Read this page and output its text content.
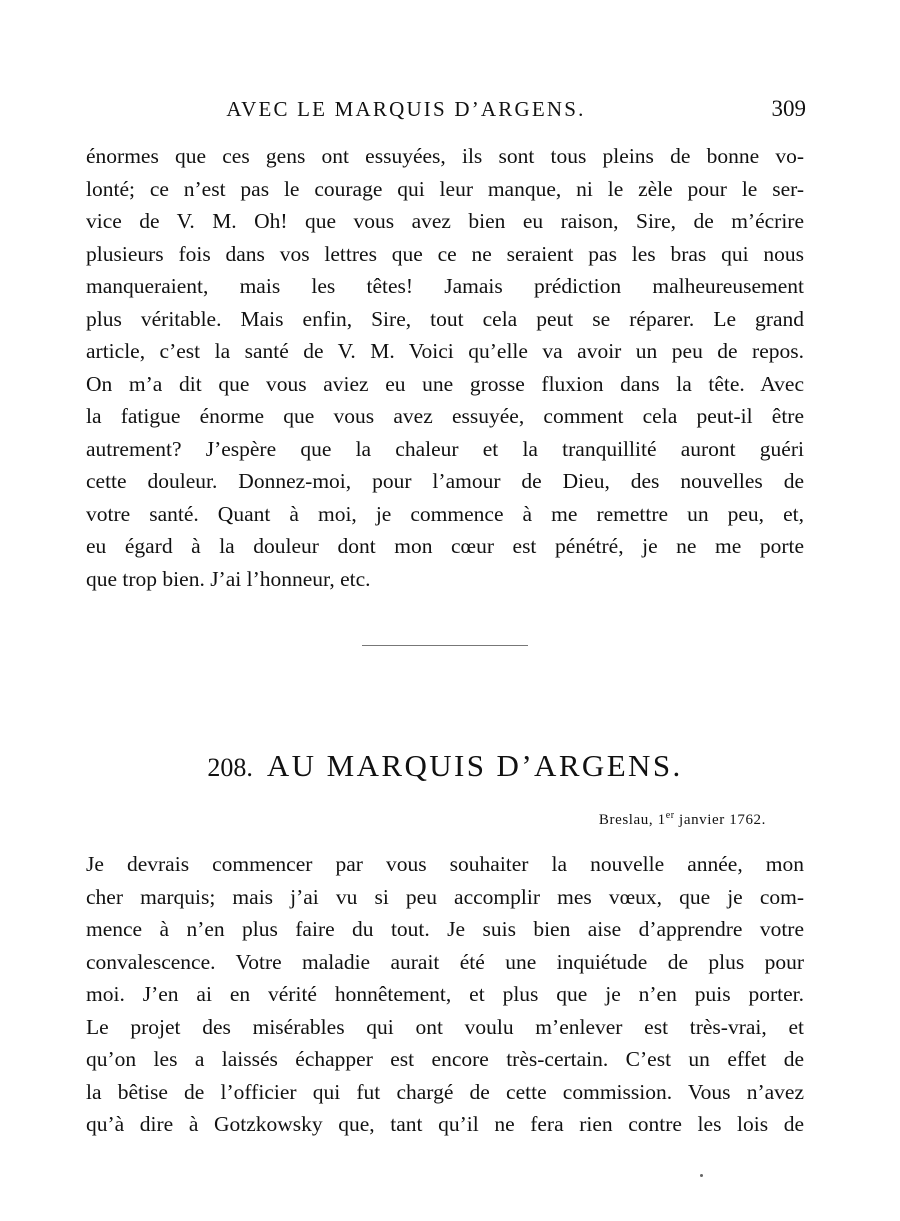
AVEC LE MARQUIS D’ARGENS.	309
énormes que ces gens ont essuyées, ils sont tous pleins de bonne vo-
lonté; ce n’est pas le courage qui leur manque, ni le zèle pour le ser-
vice de V. M. Oh! que vous avez bien eu raison, Sire, de m’écrire
plusieurs fois dans vos lettres que ce ne seraient pas les bras qui nous
manqueraient, mais les têtes! Jamais prédiction malheureusement
plus véritable. Mais enfin, Sire, tout cela peut se réparer. Le grand
article, c’est la santé de V. M. Voici qu’elle va avoir un peu de repos.
On m’a dit que vous aviez eu une grosse fluxion dans la tête. Avec
la fatigue énorme que vous avez essuyée, comment cela peut-il être
autrement? J’espère que la chaleur et la tranquillité auront guéri
cette douleur. Donnez-moi, pour l’amour de Dieu, des nouvelles de
votre santé. Quant à moi, je commence à me remettre un peu, et,
eu égard à la douleur dont mon cœur est pénétré, je ne me porte
que trop bien. J’ai l’honneur, etc.
208. AU MARQUIS D’ARGENS.
Breslau, 1er janvier 1762.
Je devrais commencer par vous souhaiter la nouvelle année, mon
cher marquis; mais j’ai vu si peu accomplir mes vœux, que je com-
mence à n’en plus faire du tout. Je suis bien aise d’apprendre votre
convalescence. Votre maladie aurait été une inquiétude de plus pour
moi. J’en ai en vérité honnêtement, et plus que je n’en puis porter.
Le projet des misérables qui ont voulu m’enlever est très-vrai, et
qu’on les a laissés échapper est encore très-certain. C’est un effet de
la bêtise de l’officier qui fut chargé de cette commission. Vous n’avez
qu’à dire à Gotzkowsky que, tant qu’il ne fera rien contre les lois de
